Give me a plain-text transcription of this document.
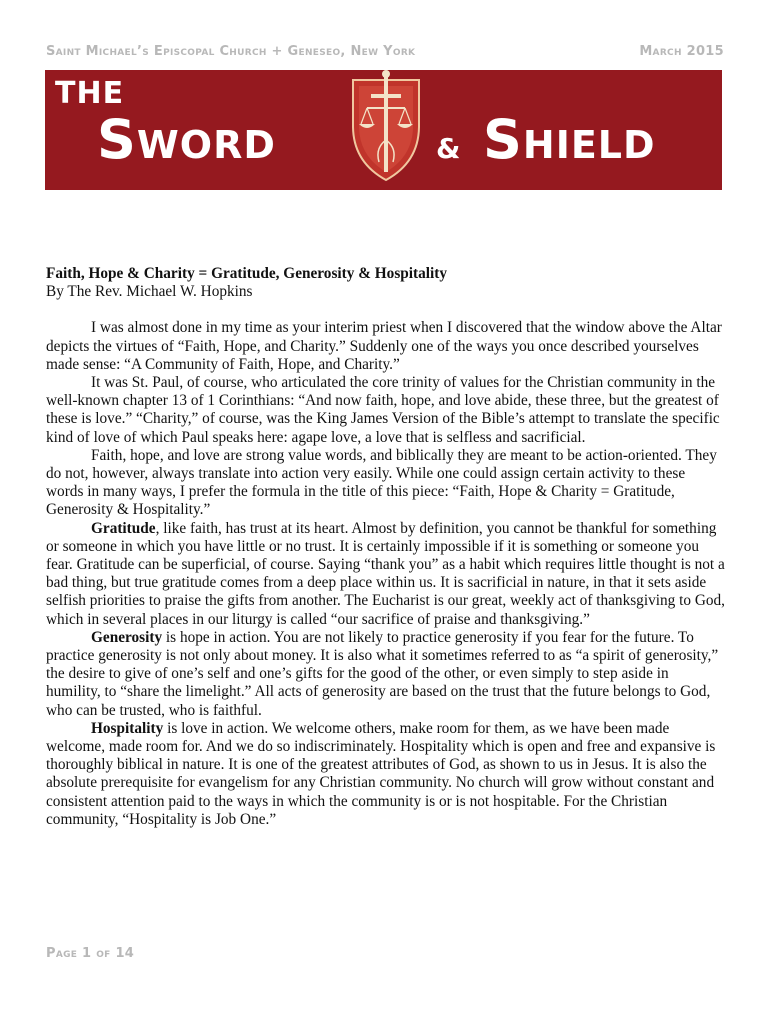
Saint Michael’s Episcopal Church + Geneseo, New York	March 2015
THE
Sword	& Shield
Faith, Hope & Charity = Gratitude, Generosity & Hospitality
By The Rev. Michael W. Hopkins

I was almost done in my time as your interim priest when I discovered that the window above the Altar depicts the virtues of “Faith, Hope, and Charity.” Suddenly one of the ways you once described yourselves made sense: “A Community of Faith, Hope, and Charity.”

It was St. Paul, of course, who articulated the core trinity of values for the Christian community in the well-known chapter 13 of 1 Corinthians: “And now faith, hope, and love abide, these three, but the greatest of these is love.” “Charity,” of course, was the King James Version of the Bible’s attempt to translate the specific kind of love of which Paul speaks here: agape love, a love that is selfless and sacrificial.

Faith, hope, and love are strong value words, and biblically they are meant to be action-oriented. They do not, however, always translate into action very easily. While one could assign certain activity to these words in many ways, I prefer the formula in the title of this piece: “Faith, Hope & Charity = Gratitude, Generosity & Hospitality.”

Gratitude, like faith, has trust at its heart. Almost by definition, you cannot be thankful for something or someone in which you have little or no trust. It is certainly impossible if it is something or someone you fear. Gratitude can be superficial, of course. Saying “thank you” as a habit which requires little thought is not a bad thing, but true gratitude comes from a deep place within us. It is sacrificial in nature, in that it sets aside selfish priorities to praise the gifts from another. The Eucharist is our great, weekly act of thanksgiving to God, which in several places in our liturgy is called “our sacrifice of praise and thanksgiving.”

Generosity is hope in action. You are not likely to practice generosity if you fear for the future. To practice generosity is not only about money. It is also what it sometimes referred to as “a spirit of generosity,” the desire to give of one’s self and one’s gifts for the good of the other, or even simply to step aside in humility, to “share the limelight.” All acts of generosity are based on the trust that the future belongs to God, who can be trusted, who is faithful.

Hospitality is love in action. We welcome others, make room for them, as we have been made welcome, made room for. And we do so indiscriminately. Hospitality which is open and free and expansive is thoroughly biblical in nature. It is one of the greatest attributes of God, as shown to us in Jesus. It is also the absolute prerequisite for evangelism for any Christian community. No church will grow without constant and consistent attention paid to the ways in which the community is or is not hospitable. For the Christian community, “Hospitality is Job One.”

Page 1 of 14
